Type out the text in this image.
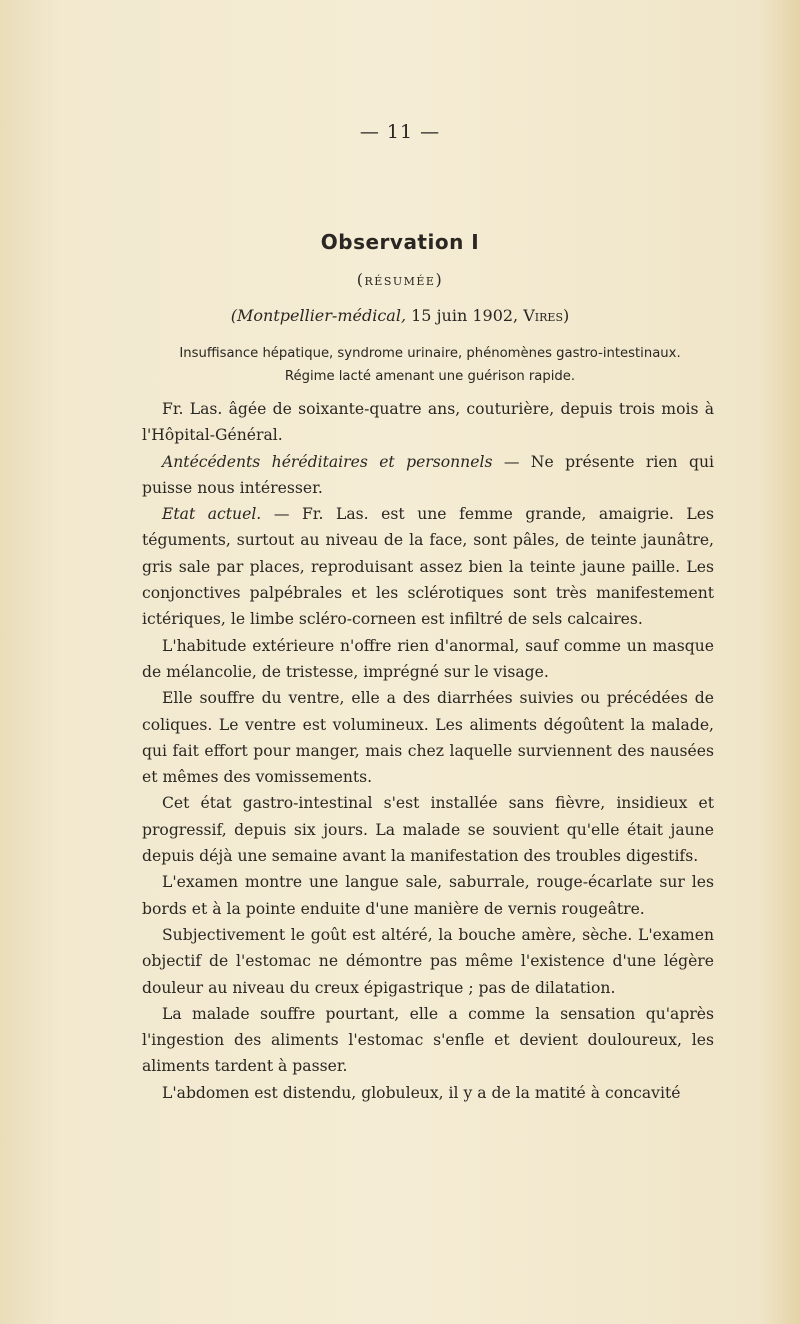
— 11 —
Observation I
(résumée)
(Montpellier-médical, 15 juin 1902, Vires)
Insuffisance hépatique, syndrome urinaire, phénomènes gastro-intestinaux.
Régime lacté amenant une guérison rapide.

Fr. Las. âgée de soixante-quatre ans, couturière, depuis trois mois à l'Hôpital-Général.

Antécédents héréditaires et personnels — Ne présente rien qui puisse nous intéresser.

Etat actuel. — Fr. Las. est une femme grande, amaigrie. Les téguments, surtout au niveau de la face, sont pâles, de teinte jaunâtre, gris sale par places, reproduisant assez bien la teinte jaune paille. Les conjonctives palpébrales et les sclérotiques sont très manifestement ictériques, le limbe scléro-corneen est infiltré de sels calcaires.

L'habitude extérieure n'offre rien d'anormal, sauf comme un masque de mélancolie, de tristesse, imprégné sur le visage.

Elle souffre du ventre, elle a des diarrhées suivies ou précédées de coliques. Le ventre est volumineux. Les aliments dégoûtent la malade, qui fait effort pour manger, mais chez laquelle surviennent des nausées et mêmes des vomissements.

Cet état gastro-intestinal s'est installée sans fièvre, insidieux et progressif, depuis six jours. La malade se souvient qu'elle était jaune depuis déjà une semaine avant la manifestation des troubles digestifs.

L'examen montre une langue sale, saburrale, rouge-écarlate sur les bords et à la pointe enduite d'une manière de vernis rougeâtre.

Subjectivement le goût est altéré, la bouche amère, sèche. L'examen objectif de l'estomac ne démontre pas même l'existence d'une légère douleur au niveau du creux épigastrique ; pas de dilatation.

La malade souffre pourtant, elle a comme la sensation qu'après l'ingestion des aliments l'estomac s'enfle et devient douloureux, les aliments tardent à passer.

L'abdomen est distendu, globuleux, il y a de la matité à concavité
